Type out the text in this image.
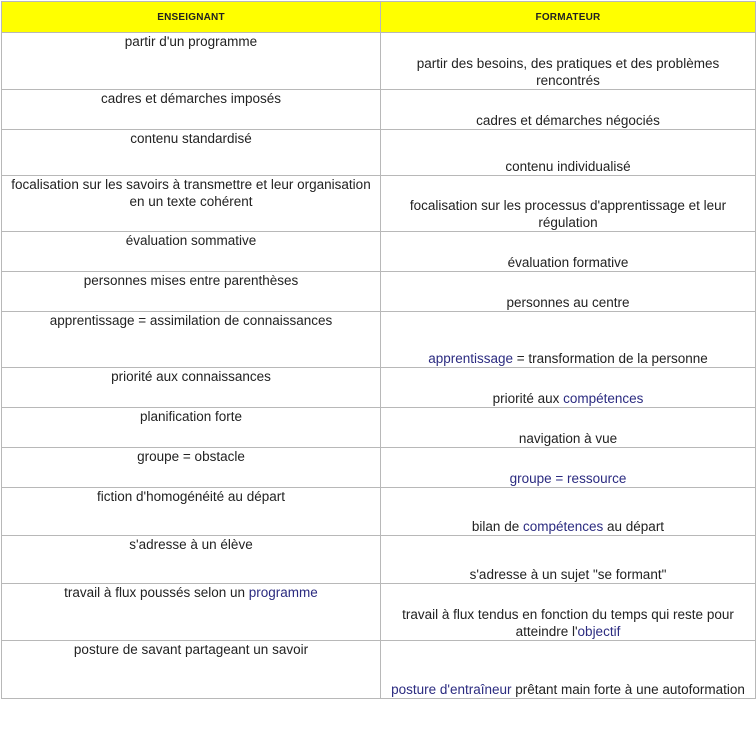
ENSEIGNANT	FORMATEUR
partir d'un programme	partir des besoins, des pratiques et des problèmes rencontrés
cadres et démarches imposés	cadres et démarches négociés
contenu standardisé	contenu individualisé
focalisation sur les savoirs à transmettre et leur organisation en un texte cohérent	focalisation sur les processus d'apprentissage et leur régulation
évaluation sommative	évaluation formative
personnes mises entre parenthèses	personnes au centre
apprentissage = assimilation de connaissances	apprentissage = transformation de la personne
priorité aux connaissances	priorité aux compétences
planification forte	navigation à vue
groupe = obstacle	groupe = ressource
fiction d'homogénéité au départ	bilan de compétences au départ
s'adresse à un élève	s'adresse à un sujet "se formant"
travail à flux poussés selon un programme	travail à flux tendus en fonction du temps qui reste pour atteindre l'objectif
posture de savant partageant un savoir	posture d'entraîneur prêtant main forte à une autoformation
